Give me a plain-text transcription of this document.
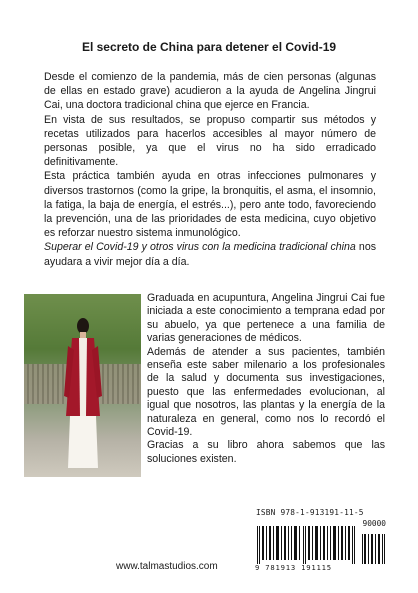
El secreto de China para detener el Covid-19

Desde el comienzo de la pandemia, más de cien personas (algunas de ellas en estado grave) acudieron a la ayuda de Angelina Jingrui Cai, una doctora tradicional china que ejerce en Francia.

En vista de sus resultados, se propuso compartir sus métodos y recetas utilizados para hacerlos accesibles al mayor número de personas posible, ya que el virus no ha sido erradicado definitivamente.

Esta práctica también ayuda en otras infecciones pulmonares y diversos trastornos (como la gripe, la bronquitis, el asma, el insomnio, la fatiga, la baja de energía, el estrés...), pero ante todo, favoreciendo la prevención, una de las prioridades de esta medicina, cuyo objetivo es reforzar nuestro sistema inmunológico.

Superar el Covid-19 y otros virus con la medicina tradicional china nos ayudara a vivir mejor día a día.

Graduada en acupuntura, Angelina Jingrui Cai fue iniciada a este conocimiento a temprana edad por su abuelo, ya que pertenece a una familia de varias generaciones de médicos.

Además de atender a sus pacientes, también enseña este saber milenario a los profesionales de la salud y documenta sus investigaciones, puesto que las enfermedades evolucionan, al igual que nosotros, las plantas y la energía de la naturaleza en general, como nos lo recordó el Covid-19.

Gracias a su libro ahora sabemos que las soluciones existen.

ISBN 978-1-913191-11-5
90000
9 781913 191115
www.talmastudios.com
